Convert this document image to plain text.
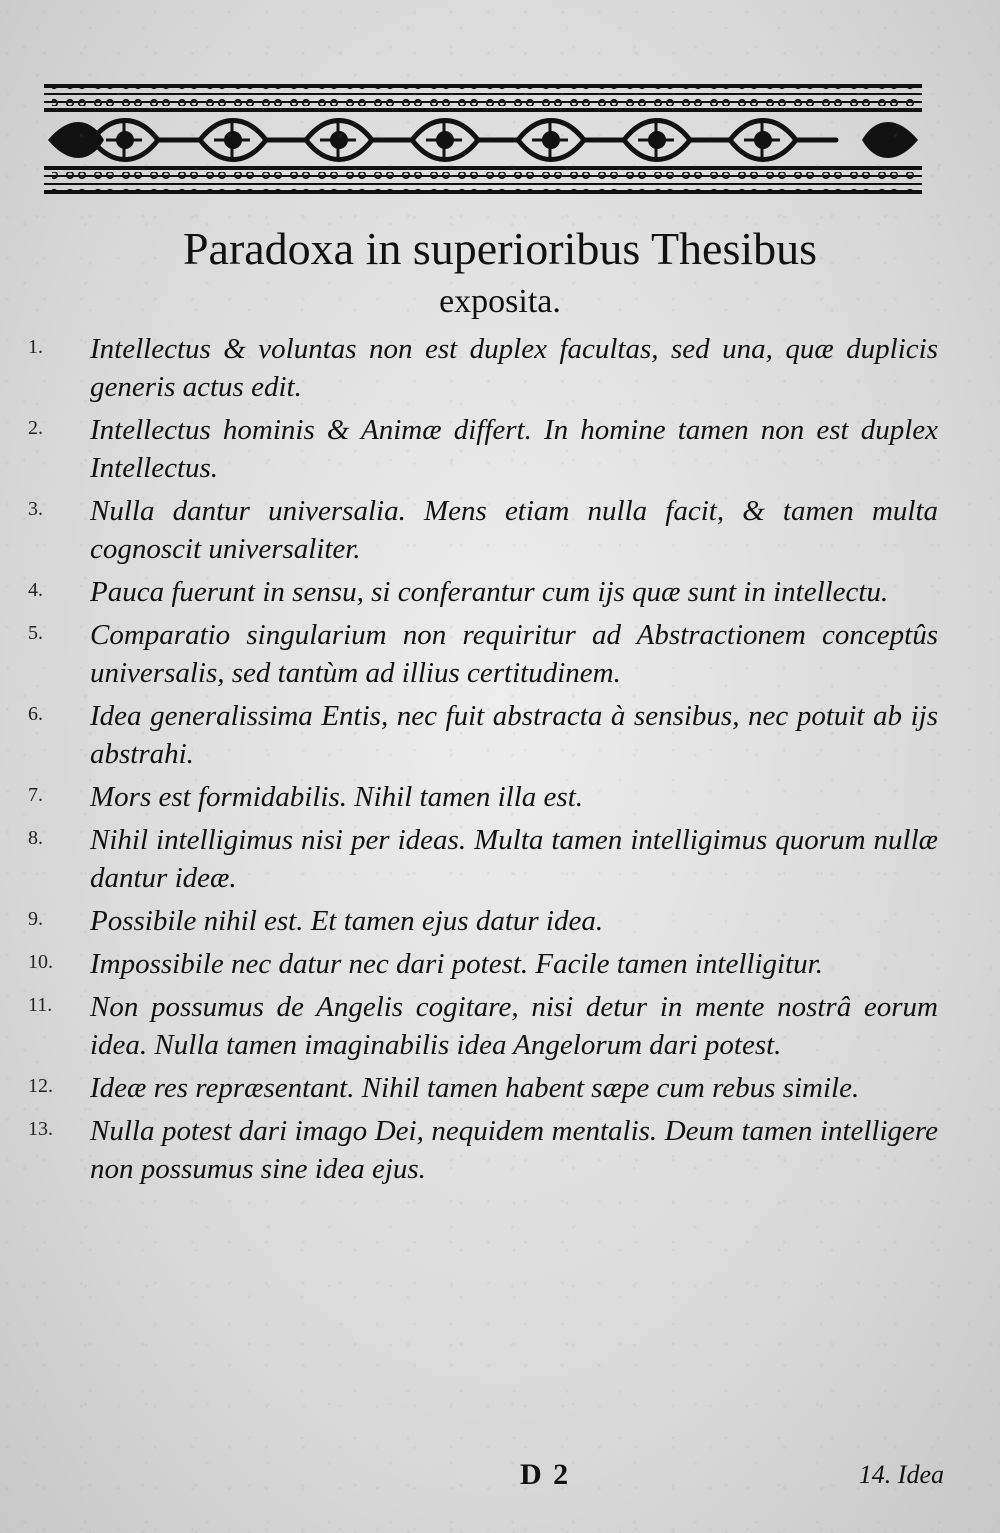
Paradoxa in superioribus Thesibus
exposita.
1.	Intellectus & voluntas non est duplex facultas, sed una, quæ duplicis generis actus edit.
2.	Intellectus hominis & Animæ differt. In homine tamen non est duplex Intellectus.
3.	Nulla dantur universalia. Mens etiam nulla facit, & tamen multa cognoscit universaliter.
4.	Pauca fuerunt in sensu, si conferantur cum ijs quæ sunt in intellectu.
5.	Comparatio singularium non requiritur ad Abstractionem conceptûs universalis, sed tantùm ad illius certitudinem.
6.	Idea generalissima Entis, nec fuit abstracta à sensibus, nec potuit ab ijs abstrahi.
7.	Mors est formidabilis. Nihil tamen illa est.
8.	Nihil intelligimus nisi per ideas. Multa tamen intelligimus quorum nullæ dantur ideæ.
9.	Possibile nihil est. Et tamen ejus datur idea.
10.	Impossibile nec datur nec dari potest. Facile tamen intelligitur.
11.	Non possumus de Angelis cogitare, nisi detur in mente nostrâ eorum idea. Nulla tamen imaginabilis idea Angelorum dari potest.
12.	Ideæ res repræsentant. Nihil tamen habent sæpe cum rebus simile.
13.	Nulla potest dari imago Dei, nequidem mentalis. Deum tamen intelligere non possumus sine idea ejus.
D 2	14. Idea
